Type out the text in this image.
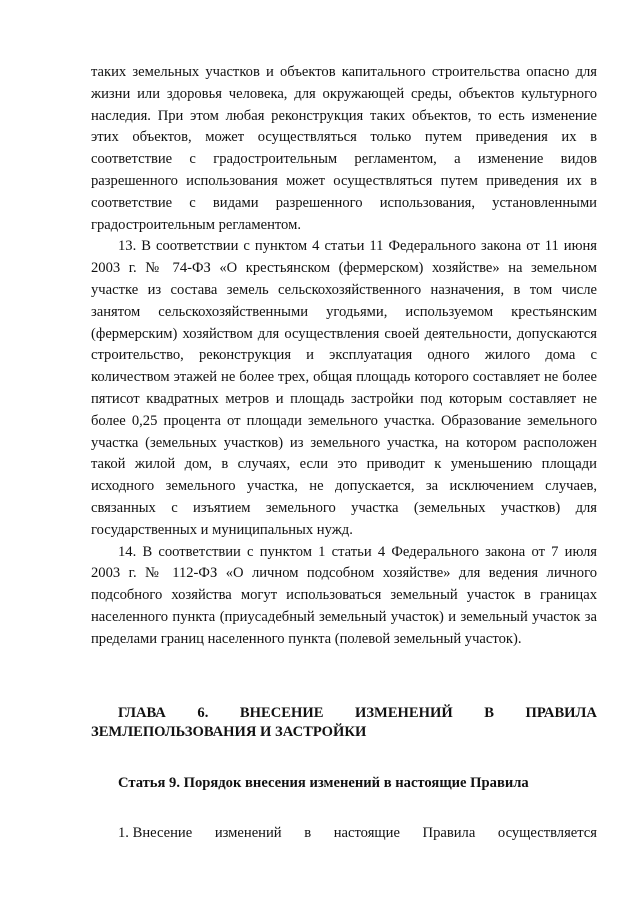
таких земельных участков и объектов капитального строительства опасно для жизни или здоровья человека, для окружающей среды, объектов культурного наследия. При этом любая реконструкция таких объектов, то есть изменение этих объектов, может осуществляться только путем приведения их в соответствие с градостроительным регламентом, а изменение видов разрешенного использования может осуществляться путем приведения их в соответствие с видами разрешенного использования, установленными градостроительным регламентом.

13. В соответствии с пунктом 4 статьи 11 Федерального закона от 11 июня 2003 г. № 74-ФЗ «О крестьянском (фермерском) хозяйстве» на земельном участке из состава земель сельскохозяйственного назначения, в том числе занятом сельскохозяйственными угодьями, используемом крестьянским (фермерским) хозяйством для осуществления своей деятельности, допускаются строительство, реконструкция и эксплуатация одного жилого дома с количеством этажей не более трех, общая площадь которого составляет не более пятисот квадратных метров и площадь застройки под которым составляет не более 0,25 процента от площади земельного участка. Образование земельного участка (земельных участков) из земельного участка, на котором расположен такой жилой дом, в случаях, если это приводит к уменьшению площади исходного земельного участка, не допускается, за исключением случаев, связанных с изъятием земельного участка (земельных участков) для государственных и муниципальных нужд.

14. В соответствии с пунктом 1 статьи 4 Федерального закона от 7 июля 2003 г. № 112-ФЗ «О личном подсобном хозяйстве» для ведения личного подсобного хозяйства могут использоваться земельный участок в границах населенного пункта (приусадебный земельный участок) и земельный участок за пределами границ населенного пункта (полевой земельный участок).

ГЛАВА 6. ВНЕСЕНИЕ ИЗМЕНЕНИЙ В ПРАВИЛА
ЗЕМЛЕПОЛЬЗОВАНИЯ И ЗАСТРОЙКИ

Статья 9. Порядок внесения изменений в настоящие Правила

1. Внесение изменений в настоящие Правила осуществляется
